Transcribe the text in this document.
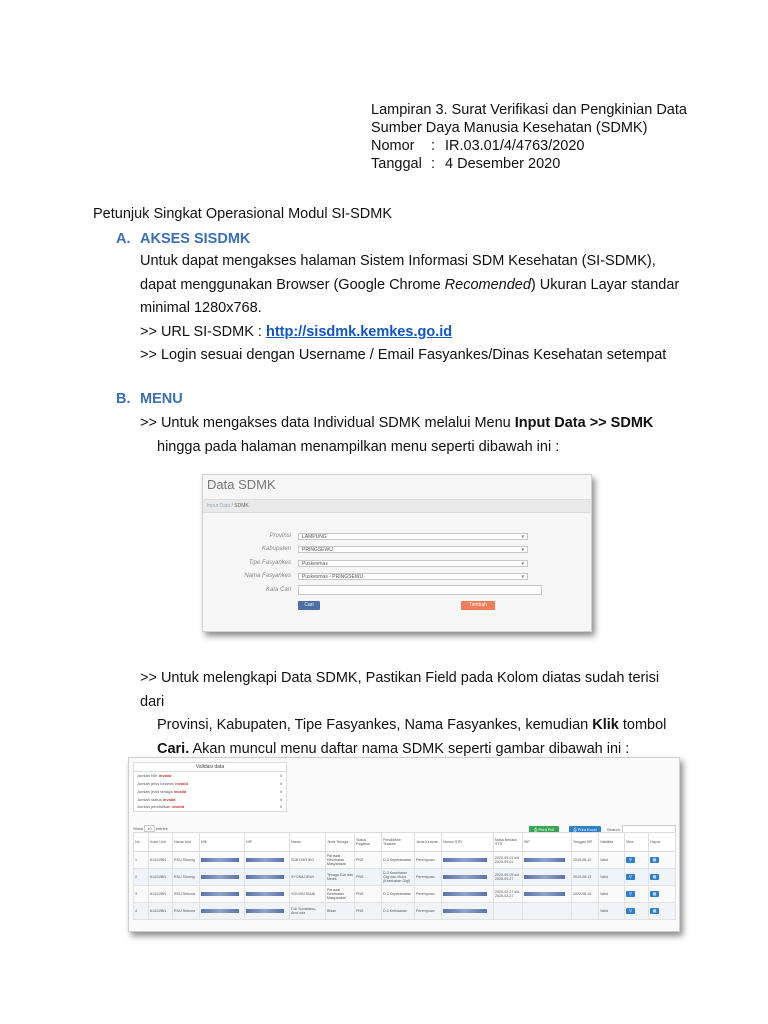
Lampiran 3. Surat Verifikasi dan Pengkinian Data
Sumber Daya Manusia Kesehatan (SDMK)
Nomor : IR.03.01/4/4763/2020
Tanggal : 4 Desember 2020
Petunjuk Singkat Operasional Modul SI-SDMK
A. AKSES SISDMK
Untuk dapat mengakses halaman Sistem Informasi SDM Kesehatan (SI-SDMK),
dapat menggunakan Browser (Google Chrome Recomended) Ukuran Layar standar
minimal 1280x768.
>> URL SI-SDMK : http://sisdmk.kemkes.go.id
>> Login sesuai dengan Username / Email Fasyankes/Dinas Kesehatan setempat
B. MENU
>> Untuk mengakses data Individual SDMK melalui Menu Input Data >> SDMK
hingga pada halaman menampilkan menu seperti dibawah ini :
Data SDMK
Input Data / SDMK
Provinsi	LAMPUNG	▾
Kabupaten	PRINGSEWU	▾
Tipe Fasyankes	Puskesmas	▾
Nama Fasyankes	Puskesmas - PRINGSEWU	▾
Kata Cari
Cari	Tambah
>> Untuk melengkapi Data SDMK, Pastikan Field pada Kolom diatas sudah terisi dari
Provinsi, Kabupaten, Tipe Fasyankes, Nama Fasyankes, kemudian Klik tombol
Cari. Akan muncul menu daftar nama SDMK seperti gambar dibawah ini :
Validasi data
Jumlah NIK invalid	0
Jumlah jenis kelamin invalid	0
Jumlah jenis tenaga invalid	0
Jumlah status invalid	0
Jumlah pendidikan invalid	0
⎙ Print Pdf	⎙ Print Excel	Search:
Show 10 entries
No	Kode Unit	Nama Unit	NIK	NIP	Nama	Jenis Tenaga	Status Pegawai	Pendidikan Terakhir	Jenis Kelamin	Nomor STR	Masa Berlaku STR	SIP	Tanggal SIP	Validitas	View	Hapus
1	6141/2BN	RSU Siloong			SUBYANTIKO	Perawat Kesehatan Masyarakat	PNS	D-3 Keperawatan	Perempuan		2020-09-01 s/d 2025-09-01		2019-06-12	Valid	⚲	▦
2	6141/2BN	RSU Siloong			SYONA DEWI	Tenaga Gizi dan Medis	PNS	D-3 Kesehatan Gigi dan Mulut (Kesehatan Gigi)	Perempuan		2020-09-05 s/d 2025-09-27		2019-08-13	Valid	⚲	▦
3	6141/2BN	RSU Sebona			YOUVIN SIANI	Perawat Kesehatan Masyarakat	PNS	D-3 Keperawatan	Perempuan		2020-03-27 s/d 2025-03-27		2022-06-16	Valid	⚲	▦
4	6141/2BN	RSU Sebona			CUI Sumidamu, Amd sda	Bidan	PNS	D-3 Kebidanan	Perempuan					Valid	⚲	▦
